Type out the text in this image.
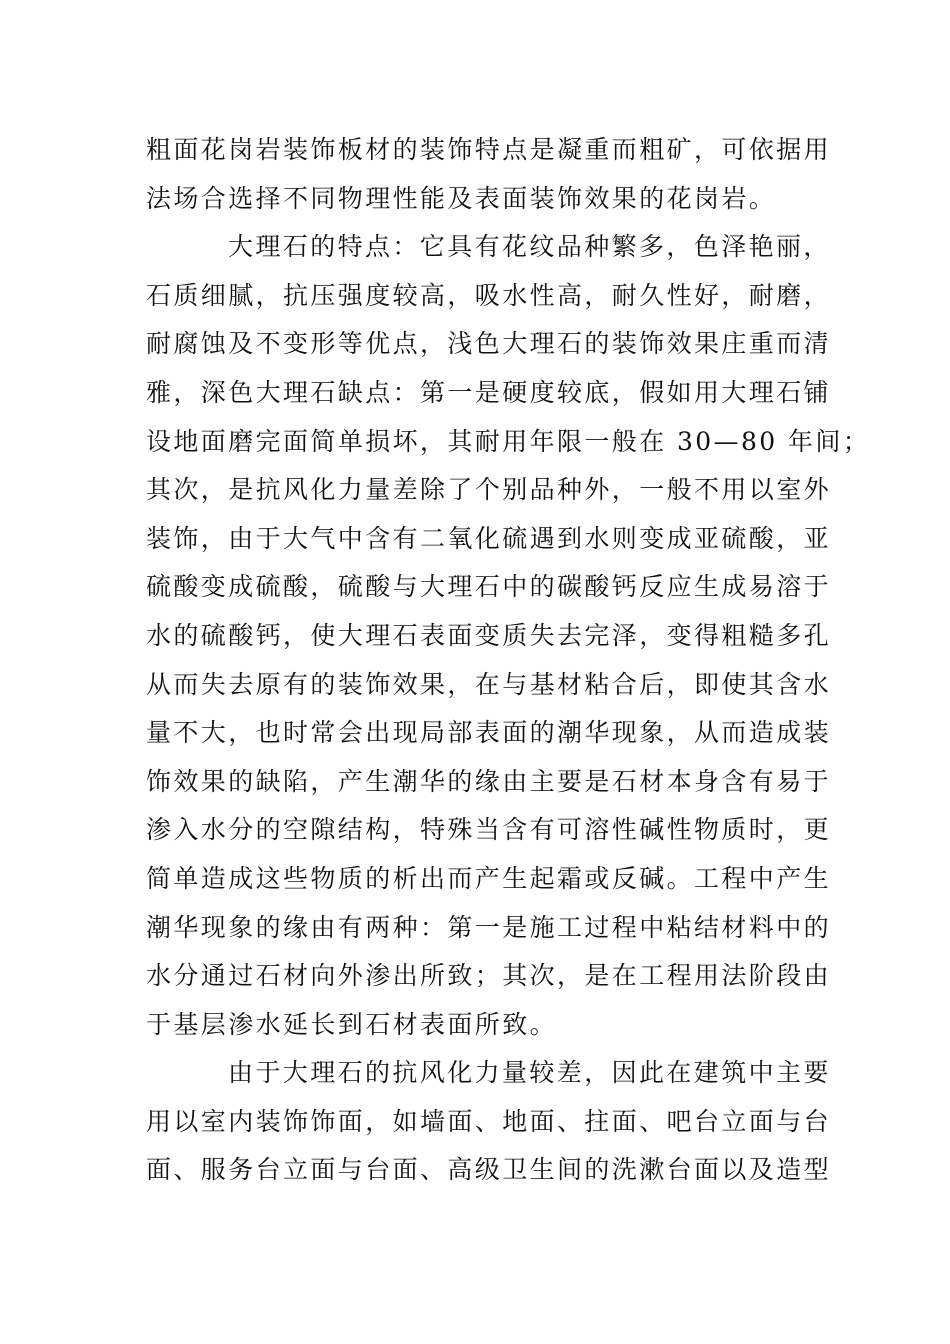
粗面花岗岩装饰板材的装饰特点是凝重而粗矿，可依据用
法场合选择不同物理性能及表面装饰效果的花岗岩。
大理石的特点：它具有花纹品种繁多，色泽艳丽，
石质细腻，抗压强度较高，吸水性高，耐久性好，耐磨，
耐腐蚀及不变形等优点，浅色大理石的装饰效果庄重而清
雅，深色大理石缺点：第一是硬度较底，假如用大理石铺
设地面磨完面简单损坏，其耐用年限一般在 30—80 年间；
其次，是抗风化力量差除了个别品种外，一般不用以室外
装饰，由于大气中含有二氧化硫遇到水则变成亚硫酸，亚
硫酸变成硫酸，硫酸与大理石中的碳酸钙反应生成易溶于
水的硫酸钙，使大理石表面变质失去完泽，变得粗糙多孔
从而失去原有的装饰效果，在与基材粘合后，即使其含水
量不大，也时常会出现局部表面的潮华现象，从而造成装
饰效果的缺陷，产生潮华的缘由主要是石材本身含有易于
渗入水分的空隙结构，特殊当含有可溶性碱性物质时，更
简单造成这些物质的析出而产生起霜或反碱。工程中产生
潮华现象的缘由有两种：第一是施工过程中粘结材料中的
水分通过石材向外渗出所致；其次，是在工程用法阶段由
于基层渗水延长到石材表面所致。
由于大理石的抗风化力量较差，因此在建筑中主要
用以室内装饰饰面，如墙面、地面、拄面、吧台立面与台
面、服务台立面与台面、高级卫生间的洗漱台面以及造型
